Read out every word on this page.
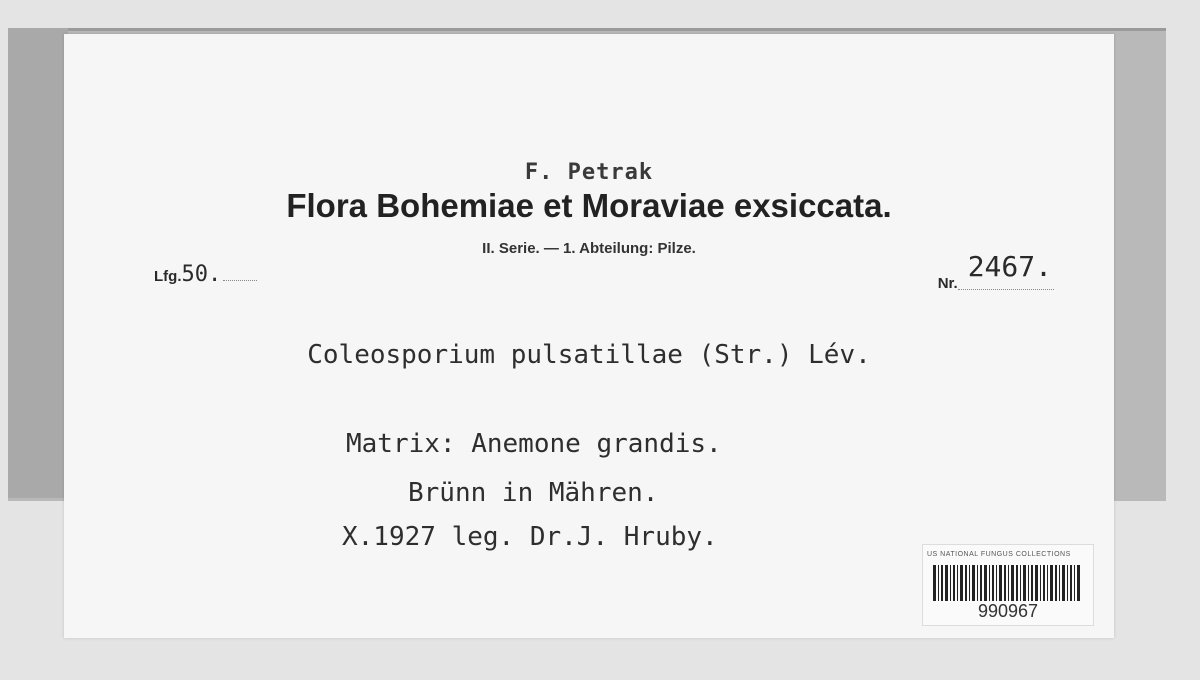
F. Petrak
Flora Bohemiae et Moraviae exsiccata.
II. Serie. — 1. Abteilung: Pilze.
Lfg.50.	Nr.2467.
Coleosporium pulsatillae (Str.) Lév.
Matrix: Anemone grandis.
Brünn in Mähren.
X.1927 leg. Dr.J. Hruby.
US NATIONAL FUNGUS COLLECTIONS
990967
